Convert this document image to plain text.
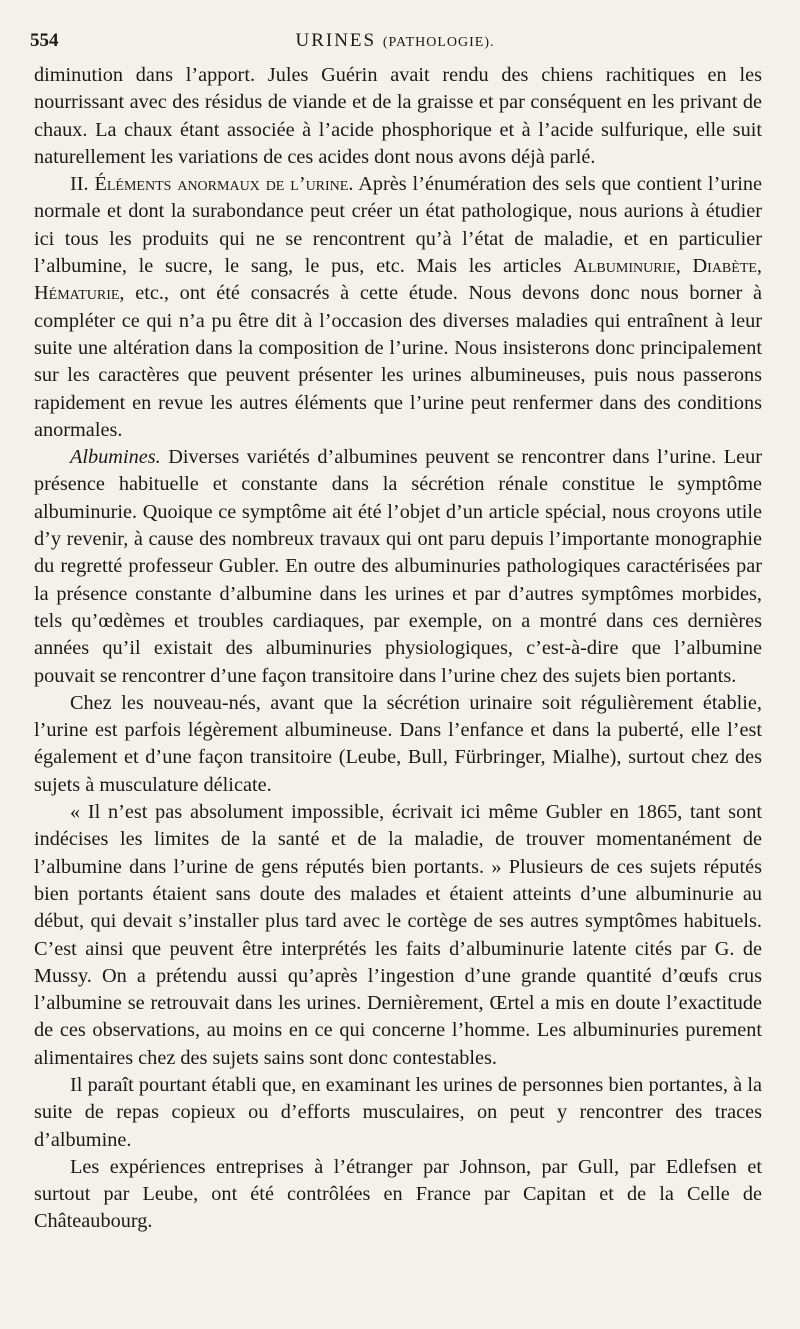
554	URINES (PATHOLOGIE).

diminution dans l’apport. Jules Guérin avait rendu des chiens rachitiques en les nourrissant avec des résidus de viande et de la graisse et par conséquent en les privant de chaux. La chaux étant associée à l’acide phosphorique et à l’acide sulfurique, elle suit naturellement les variations de ces acides dont nous avons déjà parlé.

II. Éléments anormaux de l’urine. Après l’énumération des sels que contient l’urine normale et dont la surabondance peut créer un état pathologique, nous aurions à étudier ici tous les produits qui ne se rencontrent qu’à l’état de maladie, et en particulier l’albumine, le sucre, le sang, le pus, etc. Mais les articles Albuminurie, Diabète, Hématurie, etc., ont été consacrés à cette étude. Nous devons donc nous borner à compléter ce qui n’a pu être dit à l’occasion des diverses maladies qui entraînent à leur suite une altération dans la composition de l’urine. Nous insisterons donc principalement sur les caractères que peuvent présenter les urines albumineuses, puis nous passerons rapidement en revue les autres éléments que l’urine peut renfermer dans des conditions anormales.

Albumines. Diverses variétés d’albumines peuvent se rencontrer dans l’urine. Leur présence habituelle et constante dans la sécrétion rénale constitue le symptôme albuminurie. Quoique ce symptôme ait été l’objet d’un article spécial, nous croyons utile d’y revenir, à cause des nombreux travaux qui ont paru depuis l’importante monographie du regretté professeur Gubler. En outre des albuminuries pathologiques caractérisées par la présence constante d’albumine dans les urines et par d’autres symptômes morbides, tels qu’œdèmes et troubles cardiaques, par exemple, on a montré dans ces dernières années qu’il existait des albuminuries physiologiques, c’est-à-dire que l’albumine pouvait se rencontrer d’une façon transitoire dans l’urine chez des sujets bien portants.

Chez les nouveau-nés, avant que la sécrétion urinaire soit régulièrement établie, l’urine est parfois légèrement albumineuse. Dans l’enfance et dans la puberté, elle l’est également et d’une façon transitoire (Leube, Bull, Fürbringer, Mialhe), surtout chez des sujets à musculature délicate.

« Il n’est pas absolument impossible, écrivait ici même Gubler en 1865, tant sont indécises les limites de la santé et de la maladie, de trouver momentanément de l’albumine dans l’urine de gens réputés bien portants. » Plusieurs de ces sujets réputés bien portants étaient sans doute des malades et étaient atteints d’une albuminurie au début, qui devait s’installer plus tard avec le cortège de ses autres symptômes habituels. C’est ainsi que peuvent être interprétés les faits d’albuminurie latente cités par G. de Mussy. On a prétendu aussi qu’après l’ingestion d’une grande quantité d’œufs crus l’albumine se retrouvait dans les urines. Dernièrement, Œrtel a mis en doute l’exactitude de ces observations, au moins en ce qui concerne l’homme. Les albuminuries purement alimentaires chez des sujets sains sont donc contestables.

Il paraît pourtant établi que, en examinant les urines de personnes bien portantes, à la suite de repas copieux ou d’efforts musculaires, on peut y rencontrer des traces d’albumine.

Les expériences entreprises à l’étranger par Johnson, par Gull, par Edlefsen et surtout par Leube, ont été contrôlées en France par Capitan et de la Celle de Châteaubourg.
